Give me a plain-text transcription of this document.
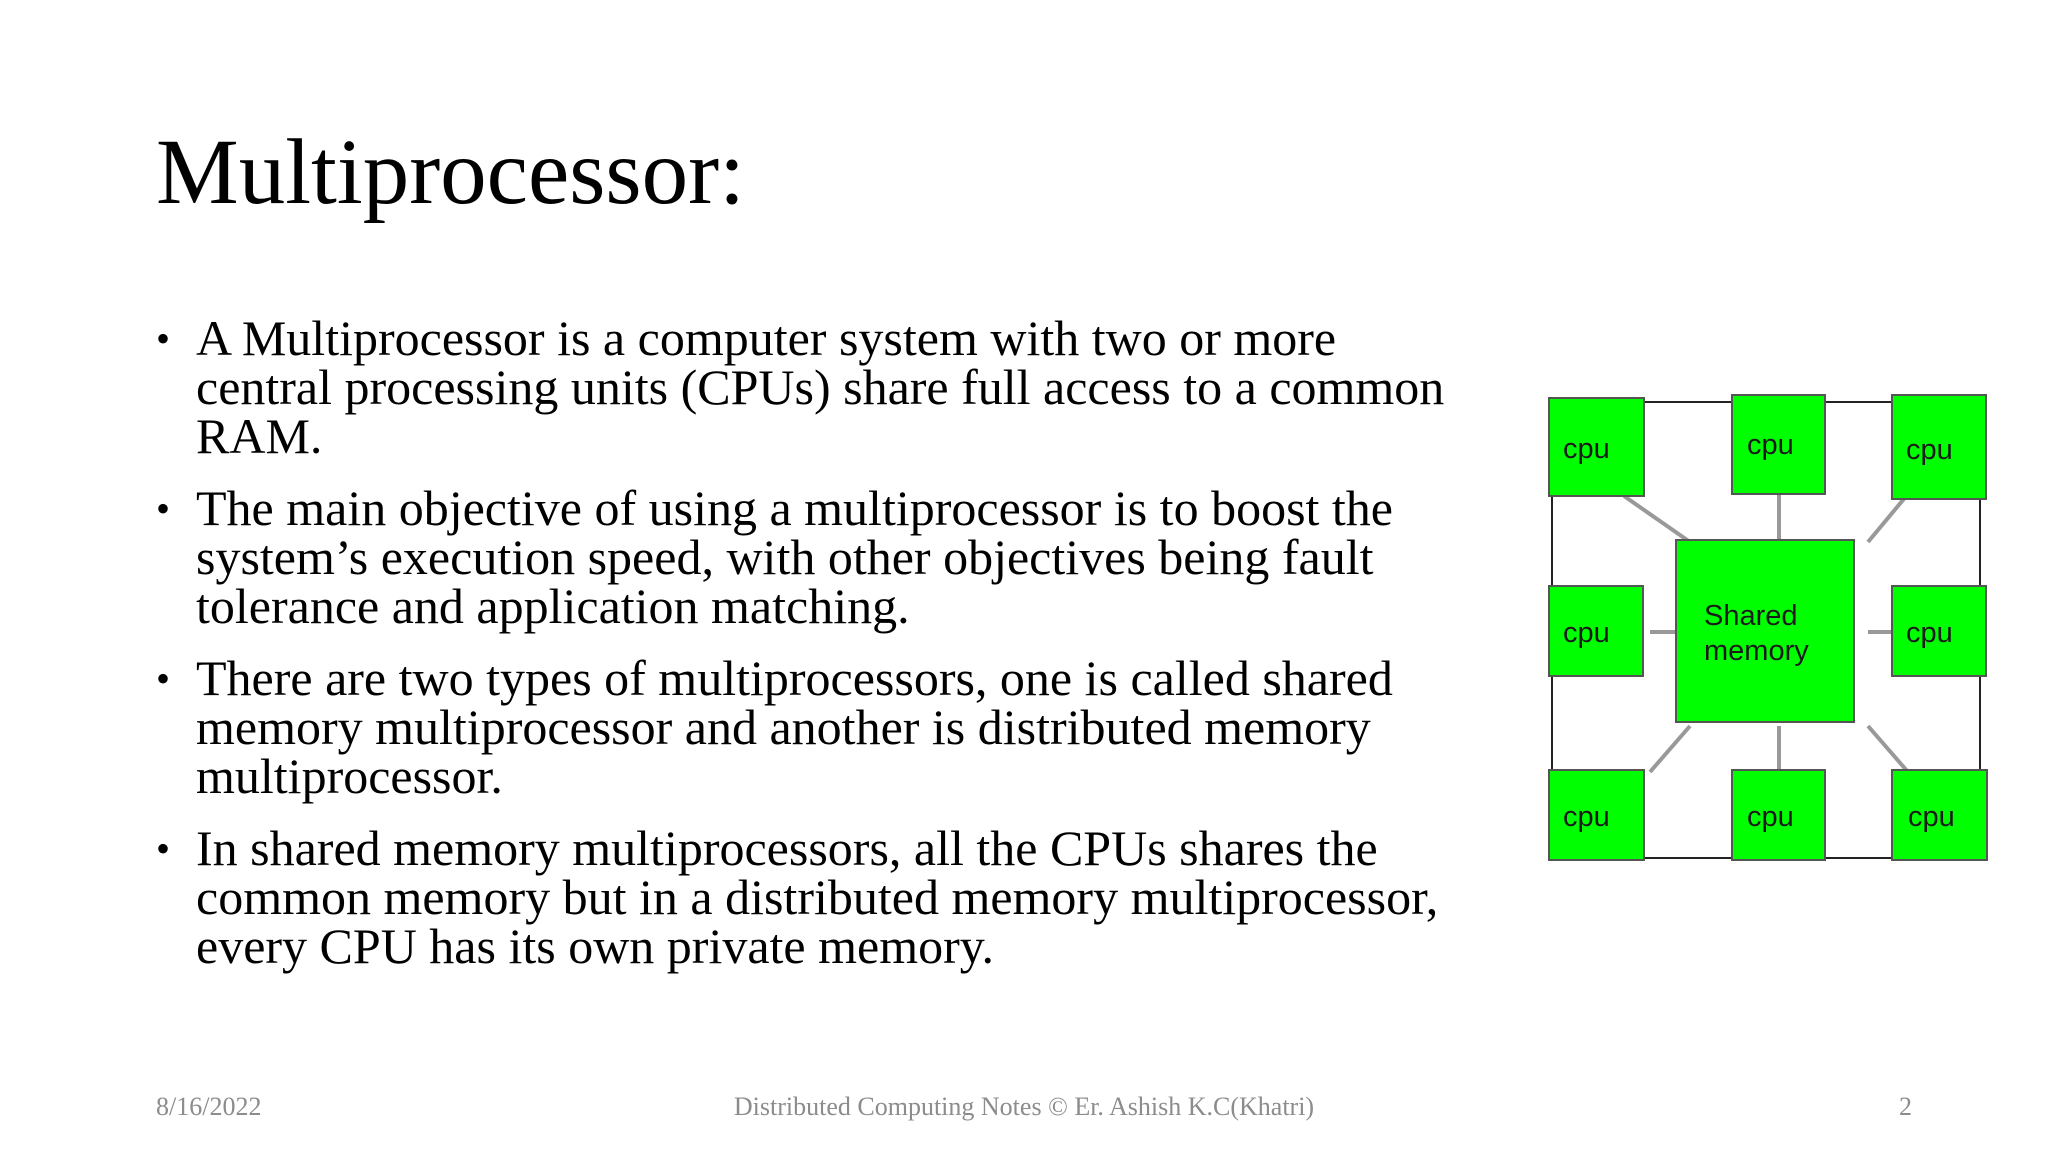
Multiprocessor:
• A Multiprocessor is a computer system with two or more
central processing units (CPUs) share full access to a common
RAM.
• The main objective of using a multiprocessor is to boost the
system’s execution speed, with other objectives being fault
tolerance and application matching.
• There are two types of multiprocessors, one is called shared
memory multiprocessor and another is distributed memory
multiprocessor.
• In shared memory multiprocessors, all the CPUs shares the
common memory but in a distributed memory multiprocessor,
every CPU has its own private memory.
Shared
memory
cpu	cpu	cpu
cpu	cpu
cpu	cpu	cpu
8/16/2022	Distributed Computing Notes © Er. Ashish K.C(Khatri)	2
